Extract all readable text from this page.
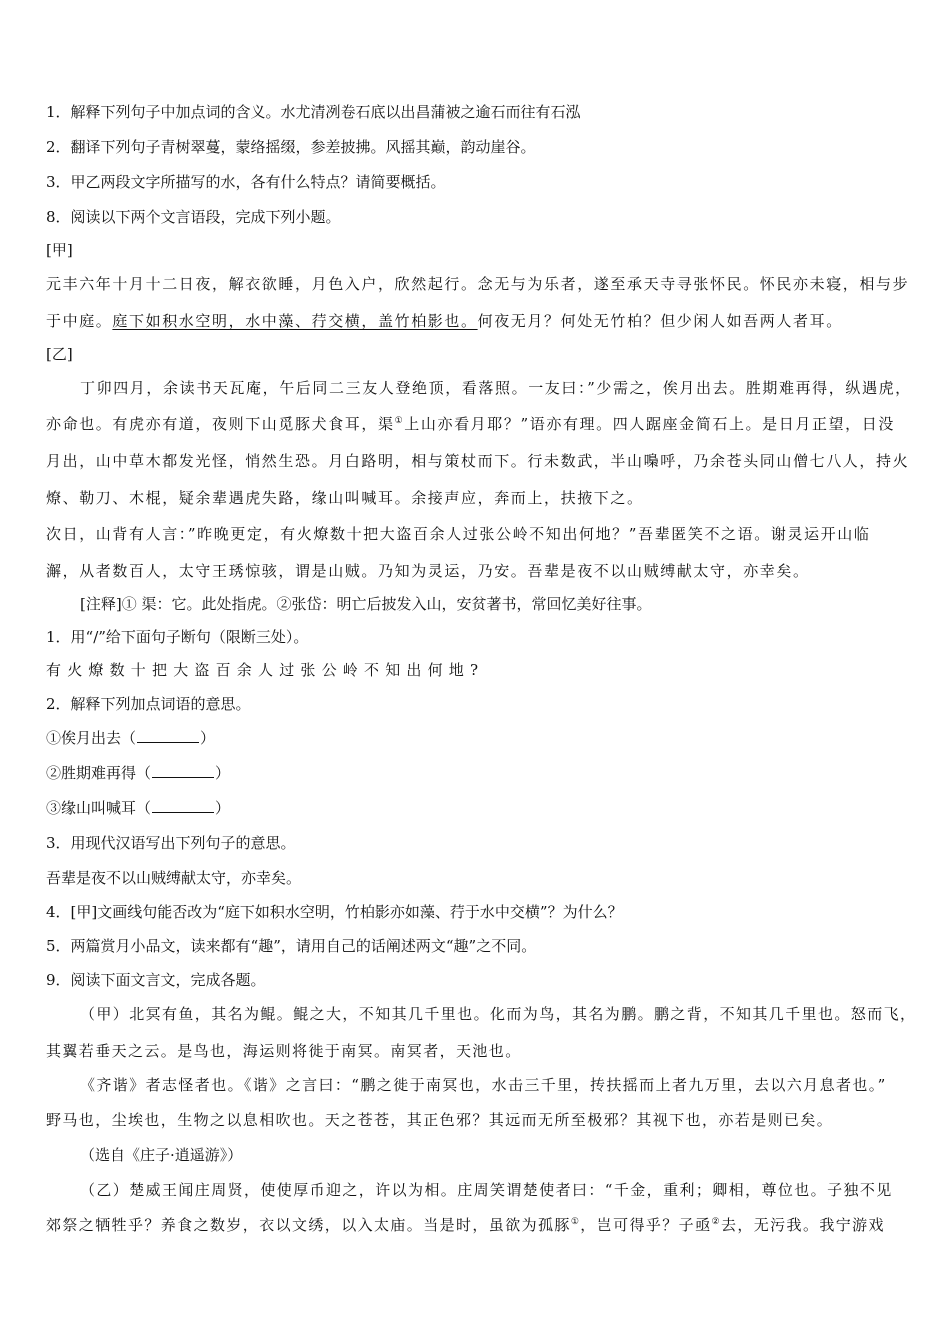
1．解释下列句子中加点词的含义。水尤清冽卷石底以出昌蒲被之逾石而往有石泓
2．翻译下列句子青树翠蔓，蒙络摇缀，参差披拂。风摇其巅，韵动崖谷。
3．甲乙两段文字所描写的水，各有什么特点？请简要概括。
8．阅读以下两个文言语段，完成下列小题。
[甲]
元丰六年十月十二日夜，解衣欲睡，月色入户，欣然起行。念无与为乐者，遂至承天寺寻张怀民。怀民亦未寝，相与步
于中庭。庭下如积水空明，水中藻、荇交横，盖竹柏影也。何夜无月？何处无竹柏？但少闲人如吾两人者耳。
[乙]
丁卯四月，余读书天瓦庵，午后同二三友人登绝顶，看落照。一友曰：”少需之，俟月出去。胜期难再得，纵遇虎，
亦命也。有虎亦有道，夜则下山觅豚犬食耳，渠①上山亦看月耶？”语亦有理。四人踞座金简石上。是日月正望，日没
月出，山中草木都发光怪，悄然生恐。月白路明，相与策杖而下。行未数武，半山嘄呼，乃余苍头同山僧七八人，持火
燎、勒刀、木棍，疑余辈遇虎失路，缘山叫喊耳。余接声应，奔而上，扶掖下之。
次日，山背有人言：”昨晚更定，有火燎数十把大盗百余人过张公岭不知出何地？”吾辈匿笑不之语。谢灵运开山临
澥，从者数百人，太守王琇惊骇，谓是山贼。乃知为灵运，乃安。吾辈是夜不以山贼缚献太守，亦幸矣。
[注释]① 渠：它。此处指虎。②张岱：明亡后披发入山，安贫著书，常回忆美好往事。
1．用“/”给下面句子断句（限断三处）。
有火燎数十把大盗百余人过张公岭不知出何地?
2．解释下列加点词语的意思。
①俟月出去（	）
②胜期难再得（	）
③缘山叫喊耳（	）
3．用现代汉语写出下列句子的意思。
吾辈是夜不以山贼缚献太守，亦幸矣。
4．[甲]文画线句能否改为“庭下如积水空明，竹柏影亦如藻、荇于水中交横”？为什么？
5．两篇赏月小品文，读来都有“趣”，请用自己的话阐述两文“趣”之不同。
9．阅读下面文言文，完成各题。
（甲）北冥有鱼，其名为鲲。鲲之大，不知其几千里也。化而为鸟，其名为鹏。鹏之背，不知其几千里也。怒而飞，
其翼若垂天之云。是鸟也，海运则将徙于南冥。南冥者，天池也。
《齐谐》者志怪者也。《谐》之言曰：“鹏之徙于南冥也，水击三千里，抟扶摇而上者九万里，去以六月息者也。”
野马也，尘埃也，生物之以息相吹也。天之苍苍，其正色邪？其远而无所至极邪？其视下也，亦若是则已矣。
（选自《庄子·逍遥游》）
（乙）楚威王闻庄周贤，使使厚币迎之，许以为相。庄周笑谓楚使者曰：“千金，重利；卿相，尊位也。子独不见
郊祭之牺牲乎？养食之数岁，衣以文绣，以入太庙。当是时，虽欲为孤豚①，岂可得乎？子亟②去，无污我。我宁游戏
